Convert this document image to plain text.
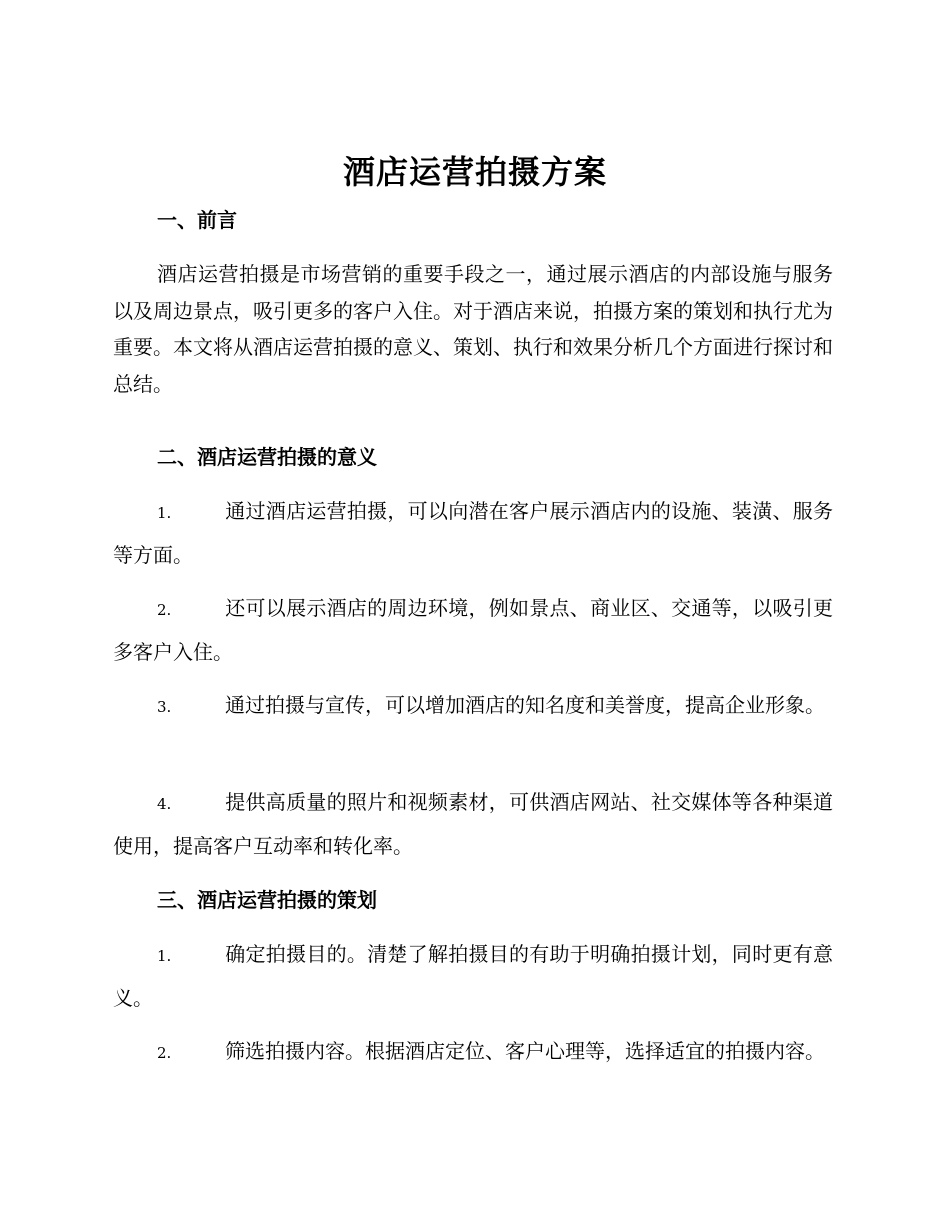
酒店运营拍摄方案
一、前言

酒店运营拍摄是市场营销的重要手段之一，通过展示酒店的内部设施与服务以及周边景点，吸引更多的客户入住。对于酒店来说，拍摄方案的策划和执行尤为重要。本文将从酒店运营拍摄的意义、策划、执行和效果分析几个方面进行探讨和总结。

二、酒店运营拍摄的意义

1.	通过酒店运营拍摄，可以向潜在客户展示酒店内的设施、装潢、服务等方面。

2.	还可以展示酒店的周边环境，例如景点、商业区、交通等，以吸引更多客户入住。

3.	通过拍摄与宣传，可以增加酒店的知名度和美誉度，提高企业形象。

4.	提供高质量的照片和视频素材，可供酒店网站、社交媒体等各种渠道使用，提高客户互动率和转化率。

三、酒店运营拍摄的策划

1.	确定拍摄目的。清楚了解拍摄目的有助于明确拍摄计划，同时更有意义。

2.	筛选拍摄内容。根据酒店定位、客户心理等，选择适宜的拍摄内容。
